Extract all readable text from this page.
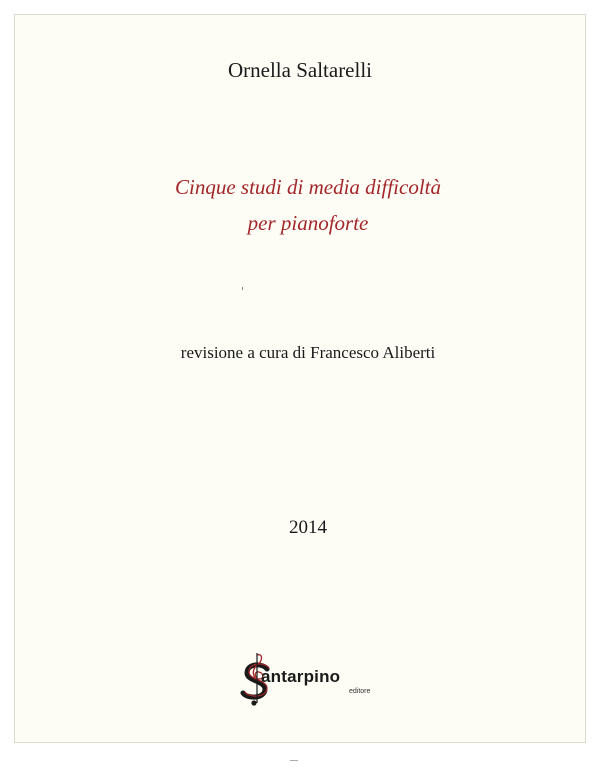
Ornella Saltarelli
Cinque studi di media difficoltà
per pianoforte
revisione a cura di Francesco Aliberti
2014
antarpino
editore
